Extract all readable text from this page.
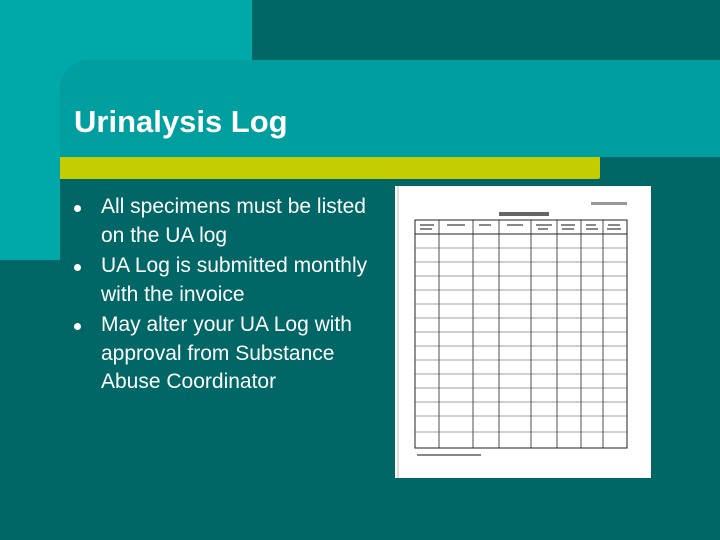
Urinalysis Log
All specimens must be listed on the UA log
UA Log is submitted monthly with the invoice
May alter your UA Log with approval from Substance Abuse Coordinator
